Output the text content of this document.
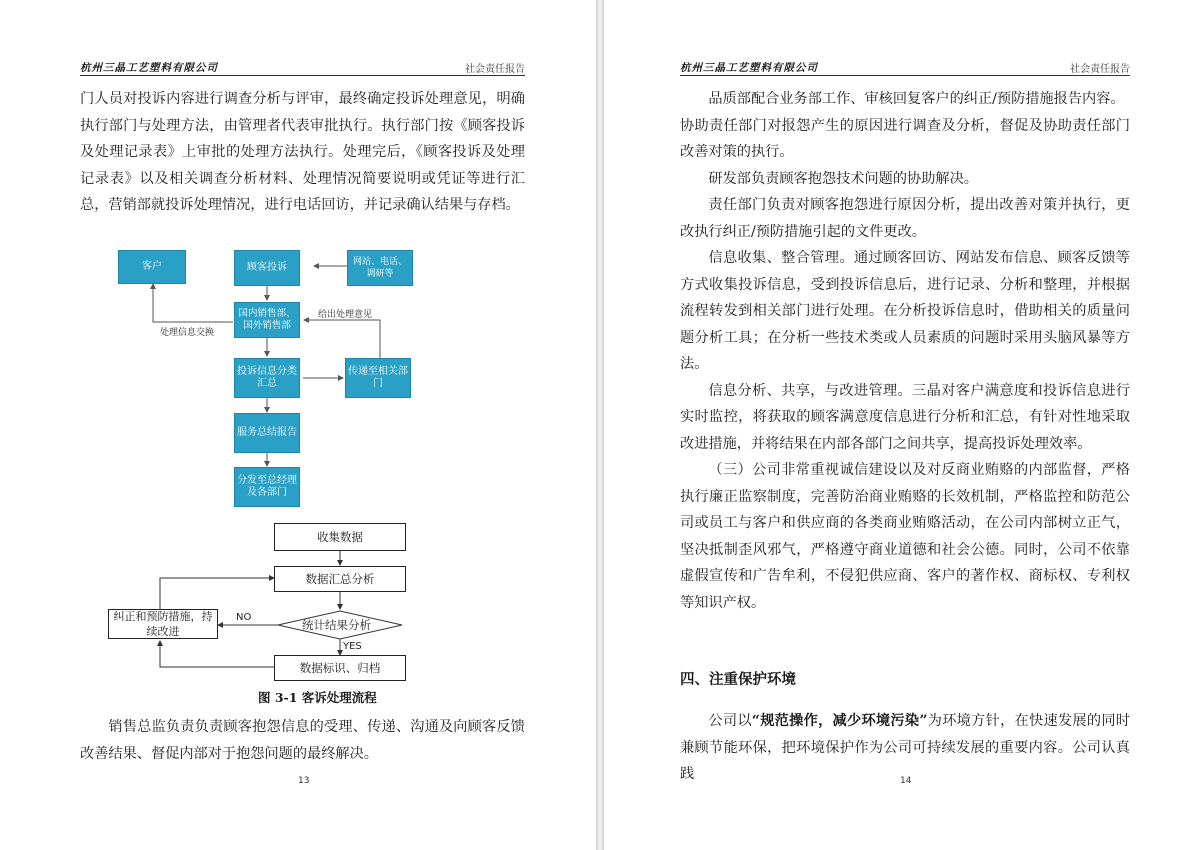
杭州三晶工艺塑料有限公司	社会责任报告

门人员对投诉内容进行调查分析与评审，最终确定投诉处理意见，明确执行部门与处理方法，由管理者代表审批执行。执行部门按《顾客投诉及处理记录表》上审批的处理方法执行。处理完后，《顾客投诉及处理记录表》以及相关调查分析材料、处理情况简要说明或凭证等进行汇总，营销部就投诉处理情况，进行电话回访，并记录确认结果与存档。

客户	顾客投诉	网站、电话、调研等
国内销售部、国外销售部
处理信息交换
给出处理意见
投诉信息分类汇总
传递至相关部门
服务总结报告
分发至总经理及各部门
收集数据
数据汇总分析
统计结果分析
纠正和预防措施，持续改进
NO
YES
数据标识、归档
图 3-1 客诉处理流程

销售总监负责负责顾客抱怨信息的受理、传递、沟通及向顾客反馈改善结果、督促内部对于抱怨问题的最终解决。

13
杭州三晶工艺塑料有限公司	社会责任报告

品质部配合业务部工作、审核回复客户的纠正/预防措施报告内容。

协助责任部门对报怨产生的原因进行调查及分析，督促及协助责任部门改善对策的执行。

研发部负责顾客抱怨技术问题的协助解决。

责任部门负责对顾客抱怨进行原因分析，提出改善对策并执行，更改执行纠正/预防措施引起的文件更改。

信息收集、整合管理。通过顾客回访、网站发布信息、顾客反馈等方式收集投诉信息，受到投诉信息后，进行记录、分析和整理，并根据流程转发到相关部门进行处理。在分析投诉信息时，借助相关的质量问题分析工具；在分析一些技术类或人员素质的问题时采用头脑风暴等方法。

信息分析、共享，与改进管理。三晶对客户满意度和投诉信息进行实时监控，将获取的顾客满意度信息进行分析和汇总，有针对性地采取改进措施，并将结果在内部各部门之间共享，提高投诉处理效率。

（三）公司非常重视诚信建设以及对反商业贿赂的内部监督，严格执行廉正监察制度，完善防治商业贿赂的长效机制，严格监控和防范公司或员工与客户和供应商的各类商业贿赂活动，在公司内部树立正气，坚决抵制歪风邪气，严格遵守商业道德和社会公德。同时，公司不依靠虚假宣传和广告牟利，不侵犯供应商、客户的著作权、商标权、专利权等知识产权。

四、注重保护环境

公司以“规范操作，减少环境污染”为环境方针，在快速发展的同时兼顾节能环保，把环境保护作为公司可持续发展的重要内容。公司认真践	14
